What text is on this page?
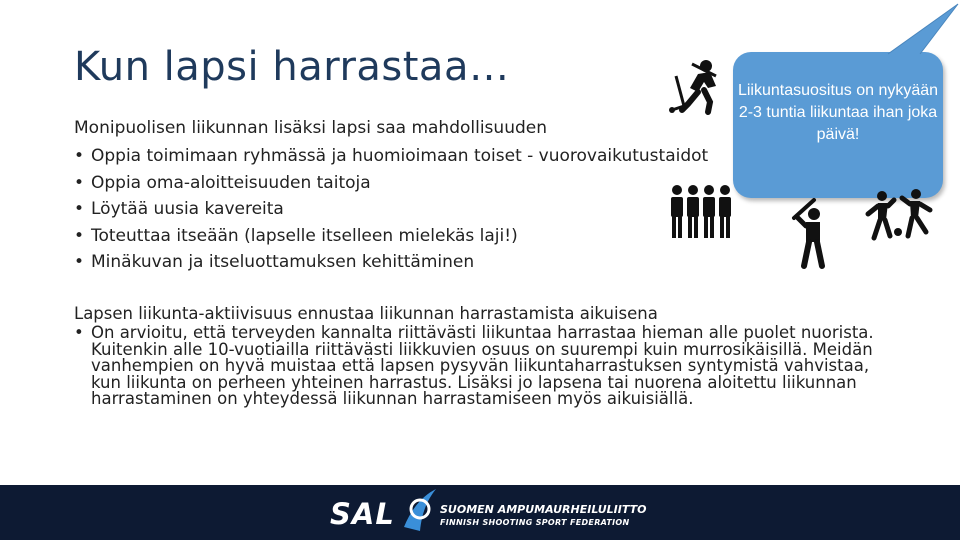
Kun lapsi harrastaa…
Monipuolisen liikunnan lisäksi lapsi saa mahdollisuuden
• Oppia toimimaan ryhmässä ja huomioimaan toiset - vuorovaikutustaidot
• Oppia oma-aloitteisuuden taitoja
• Löytää uusia kavereita
• Toteuttaa itseään (lapselle itselleen mielekäs laji!)
• Minäkuvan ja itseluottamuksen kehittäminen
Lapsen liikunta-aktiivisuus ennustaa liikunnan harrastamista aikuisena
• On arvioitu, että terveyden kannalta riittävästi liikuntaa harrastaa hieman alle puolet nuorista. Kuitenkin alle 10-vuotiailla riittävästi liikkuvien osuus on suurempi kuin murrosikäisillä. Meidän vanhempien on hyvä muistaa että lapsen pysyvän liikuntaharrastuksen syntymistä vahvistaa, kun liikunta on perheen yhteinen harrastus. Lisäksi jo lapsena tai nuorena aloitettu liikunnan harrastaminen on yhteydessä liikunnan harrastamiseen myös aikuisiällä.
Liikuntasuositus on nykyään 2-3 tuntia liikuntaa ihan joka päivä!
SAL	SUOMEN AMPUMAURHEILULIITTO
FINNISH SHOOTING SPORT FEDERATION
